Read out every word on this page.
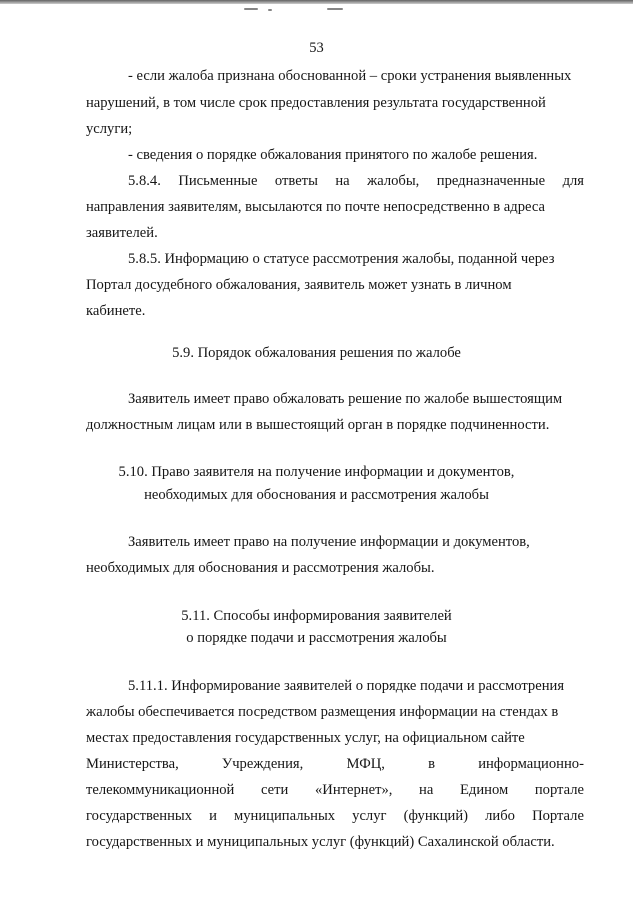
53
- если жалоба признана обоснованной – сроки устранения выявленных
нарушений, в том числе срок предоставления результата государственной
услуги;
- сведения о порядке обжалования принятого по жалобе решения.
5.8.4. Письменные ответы на жалобы, предназначенные для
направления заявителям, высылаются по почте непосредственно в адреса
заявителей.
5.8.5. Информацию о статусе рассмотрения жалобы, поданной через
Портал досудебного обжалования, заявитель может узнать в личном
кабинете.
5.9. Порядок обжалования решения по жалобе
Заявитель имеет право обжаловать решение по жалобе вышестоящим
должностным лицам или в вышестоящий орган в порядке подчиненности.
5.10. Право заявителя на получение информации и документов,
необходимых для обоснования и рассмотрения жалобы
Заявитель имеет право на получение информации и документов,
необходимых для обоснования и рассмотрения жалобы.
5.11. Способы информирования заявителей
о порядке подачи и рассмотрения жалобы
5.11.1. Информирование заявителей о порядке подачи и рассмотрения
жалобы обеспечивается посредством размещения информации на стендах в
местах предоставления государственных услуг, на официальном сайте
Министерства,	Учреждения,	МФЦ,	в	информационно-
телекоммуникационной сети «Интернет», на Едином портале
государственных и муниципальных услуг (функций) либо Портале
государственных и муниципальных услуг (функций) Сахалинской области.
